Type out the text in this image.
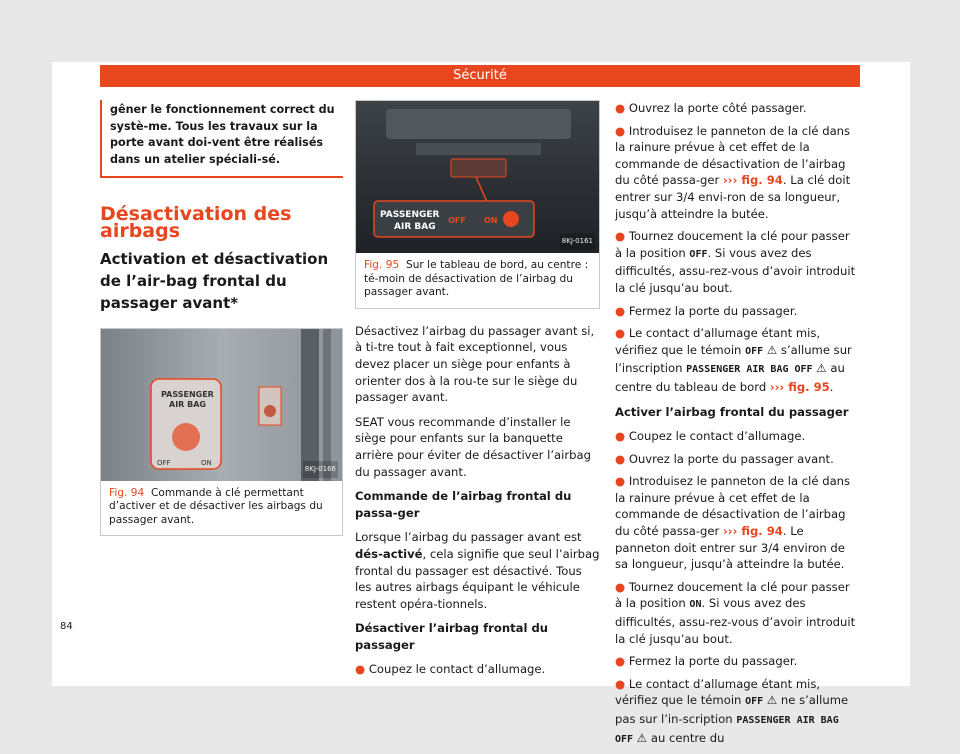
Sécurité
gêner le fonctionnement correct du systè-me. Tous les travaux sur la porte avant doi-vent être réalisés dans un atelier spéciali-sé.
Désactivation des airbags
Activation et désactivation de l’air-bag frontal du passager avant*
PASSENGER
AIR BAG
OFF	ON
8KJ-0166
Fig. 94 Commande à clé permettant d’activer et de désactiver les airbags du passager avant.
PASSENGER
AIR BAG
OFF ON
8KJ-0161
Fig. 95 Sur le tableau de bord, au centre : té-moin de désactivation de l’airbag du passager avant.

Désactivez l’airbag du passager avant si, à ti-tre tout à fait exceptionnel, vous devez placer un siège pour enfants à orienter dos à la rou-te sur le siège du passager avant.

SEAT vous recommande d’installer le siège pour enfants sur la banquette arrière pour éviter de désactiver l’airbag du passager avant.

Commande de l’airbag frontal du passa-ger

Lorsque l’airbag du passager avant est dés-activé, cela signifie que seul l’airbag frontal du passager est désactivé. Tous les autres airbags équipant le véhicule restent opéra-tionnels.

Désactiver l’airbag frontal du passager

● Coupez le contact d’allumage.
● Ouvrez la porte côté passager.
● Introduisez le panneton de la clé dans la rainure prévue à cet effet de la commande de désactivation de l’airbag du côté passa-ger ››› fig. 94. La clé doit entrer sur 3/4 envi-ron de sa longueur, jusqu’à atteindre la butée.
● Tournez doucement la clé pour passer à la position OFF. Si vous avez des difficultés, assu-rez-vous d’avoir introduit la clé jusqu’au bout.
● Fermez la porte du passager.
● Le contact d’allumage étant mis, vérifiez que le témoin OFF ⚠ s’allume sur l’inscription PASSENGER AIR BAG OFF ⚠ au centre du tableau de bord ››› fig. 95.

Activer l’airbag frontal du passager

● Coupez le contact d’allumage.
● Ouvrez la porte du passager avant.
● Introduisez le panneton de la clé dans la rainure prévue à cet effet de la commande de désactivation de l’airbag du côté passa-ger ››› fig. 94. Le panneton doit entrer sur 3/4 environ de sa longueur, jusqu’à atteindre la butée.
● Tournez doucement la clé pour passer à la position ON. Si vous avez des difficultés, assu-rez-vous d’avoir introduit la clé jusqu’au bout.
● Fermez la porte du passager.
● Le contact d’allumage étant mis, vérifiez que le témoin OFF ⚠ ne s’allume pas sur l’in-scription PASSENGER AIR BAG OFF ⚠ au centre du
84
